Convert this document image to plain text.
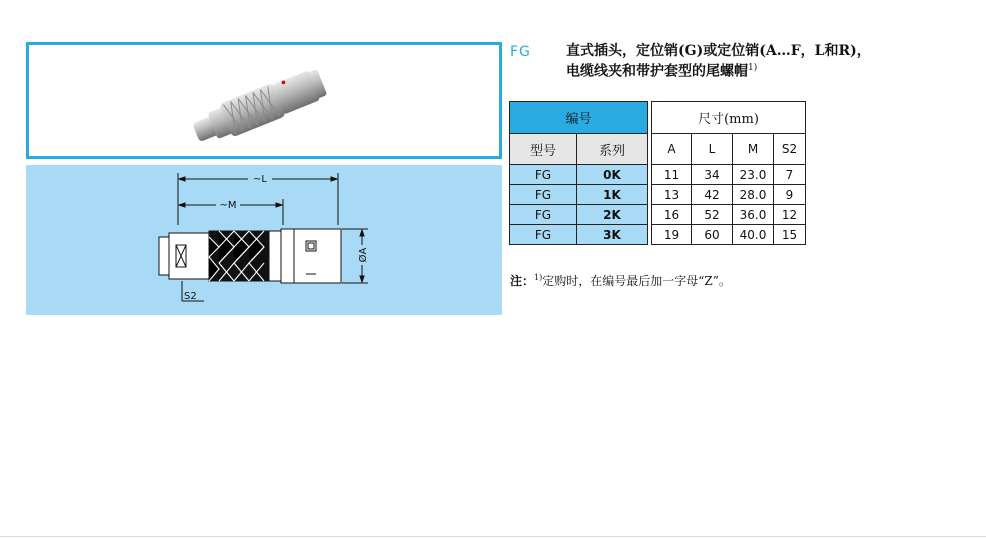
~L
~M
ØA
S2
FG	直式插头，定位销(G)或定位销(A…F，L和R)，
电缆线夹和带护套型的尾螺帽$^{1)}$
编号			尺寸(mm)			
型号	系列		A	L	M	S2
FG	0K		11	34	23.0	7
FG	1K		13	42	28.0	9
FG	2K		16	52	36.0	12
FG	3K		19	60	40.0	15
注：$^{1)}$定购时，在编号最后加一字母“Z”。
